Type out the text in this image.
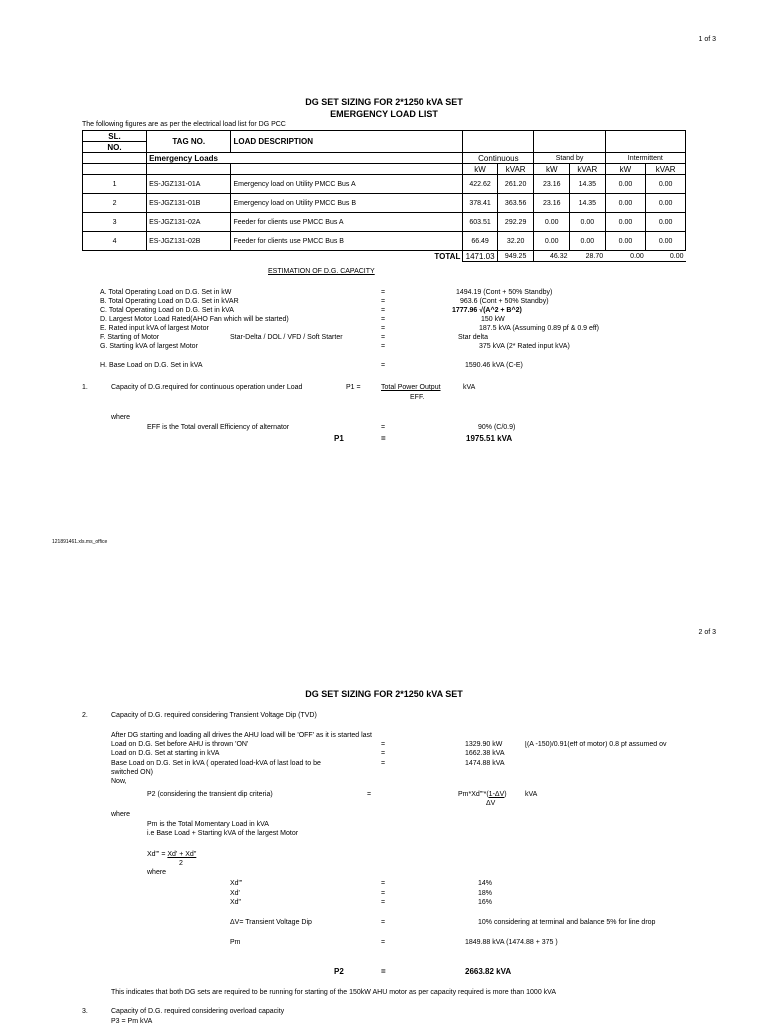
1 of 3
DG SET SIZING FOR 2*1250 kVA SET
EMERGENCY LOAD LIST
The following figures are as per the electrical load list for DG PCC
SL.	TAG NO.	LOAD DESCRIPTION						
NO.								
	Emergency Loads		Continuous		Stand by		Intermittent	
			kW	kVAR	kW	kVAR	kW	kVAR
1	ES-JGZ131-01A	Emergency load on Utility PMCC Bus A	422.62	261.20	23.16	14.35	0.00	0.00
2	ES-JGZ131-01B	Emergency load on Utility PMCC Bus B	378.41	363.56	23.16	14.35	0.00	0.00
3	ES-JGZ131-02A	Feeder for clients use PMCC Bus A	603.51	292.29	0.00	0.00	0.00	0.00
4	ES-JGZ131-02B	Feeder for clients use PMCC Bus B	66.49	32.20	0.00	0.00	0.00	0.00
		TOTAL	1471.03	949.25	46.32	28.70	0.00	0.00
ESTIMATION OF D.G. CAPACITY
A. Total Operating Load on D.G. Set in kW	=	1494.19 (Cont + 50% Standby)
B. Total Operating Load on D.G. Set in kVAR	=	963.6 (Cont + 50% Standby)
C. Total Operating Load on D.G. Set in kVA	=	1777.96 √(A^2 + B^2)
D. Largest Motor Load Rated(AHO Fan which will be started)	=	150 kW
E. Rated input kVA of largest Motor	=	187.5 kVA (Assuming 0.89 pf & 0.9 eff)
F. Starting of Motor	Star-Delta / DOL / VFD / Soft Starter	=	Star delta
G. Starting kVA of largest Motor	=	375 kVA (2* Rated input kVA)
H. Base Load on D.G. Set in kVA	=	1590.46 kVA (C-E)
1.	Capacity of D.G.required for continuous operation under Load	P1 =	Total Power Output	kVA
EFF.
where
EFF is the Total overall Efficiency of alternator	=	90% (C/0.9)
P1	=	1975.51 kVA
121891461.xls.ms_office
2 of 3
DG SET SIZING FOR 2*1250 kVA SET
2.	Capacity of D.G. required considering Transient Voltage Dip (TVD)
After DG starting and loading all drives the AHU load will be 'OFF' as it is started last
Load on D.G. Set before AHU is thrown 'ON'	=	1329.90 kW	[(A -150)/0.91(eff of motor) 0.8 pf assumed ov
Load on D.G. Set at starting in kVA	=	1662.38 kVA
Base Load on D.G. Set in kVA ( operated load-kVA of last load to be	=	1474.88 kVA
switched ON)
Now,
P2 (considering the transient dip criteria)	=	Pm*Xd"'*(1-ΔV)	kVA
ΔV
where
Pm is the Total Momentary Load in kVA
i.e Base Load + Starting kVA of the largest Motor
Xd"' = Xd' + Xd"
2
where
Xd"'	=	14%
Xd'	=	18%
Xd"	=	16%
ΔV= Transient Voltage Dip	=	10% considering at terminal and balance 5% for line drop
Pm	=	1849.88 kVA (1474.88 + 375 )
P2	=	2663.82 kVA
This indicates that both DG sets are required to be running for starting of the 150kW AHU motor as per capacity required is more than 1000 kVA
3.	Capacity of D.G. required considering overload capacity
P3 = Pm kVA
